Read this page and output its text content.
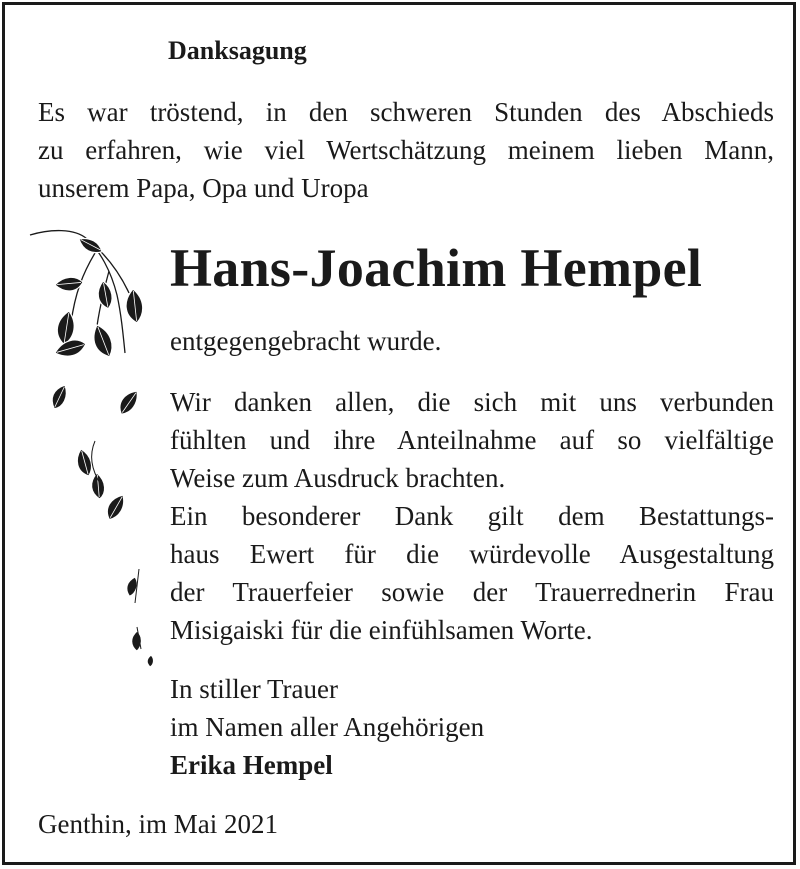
Danksagung

Es war tröstend, in den schweren Stunden des Abschieds
zu erfahren, wie viel Wertschätzung meinem lieben Mann,
unserem Papa, Opa und Uropa
Hans-Joachim Hempel

entgegengebracht wurde.

Wir danken allen, die sich mit uns verbunden
fühlten und ihre Anteilnahme auf so vielfältige
Weise zum Ausdruck brachten.
Ein besonderer Dank gilt dem Bestattungs-
haus Ewert für die würdevolle Ausgestaltung
der Trauerfeier sowie der Trauerrednerin Frau
Misigaiski für die einfühlsamen Worte.
In stiller Trauer
im Namen aller Angehörigen
Erika Hempel

Genthin, im Mai 2021
